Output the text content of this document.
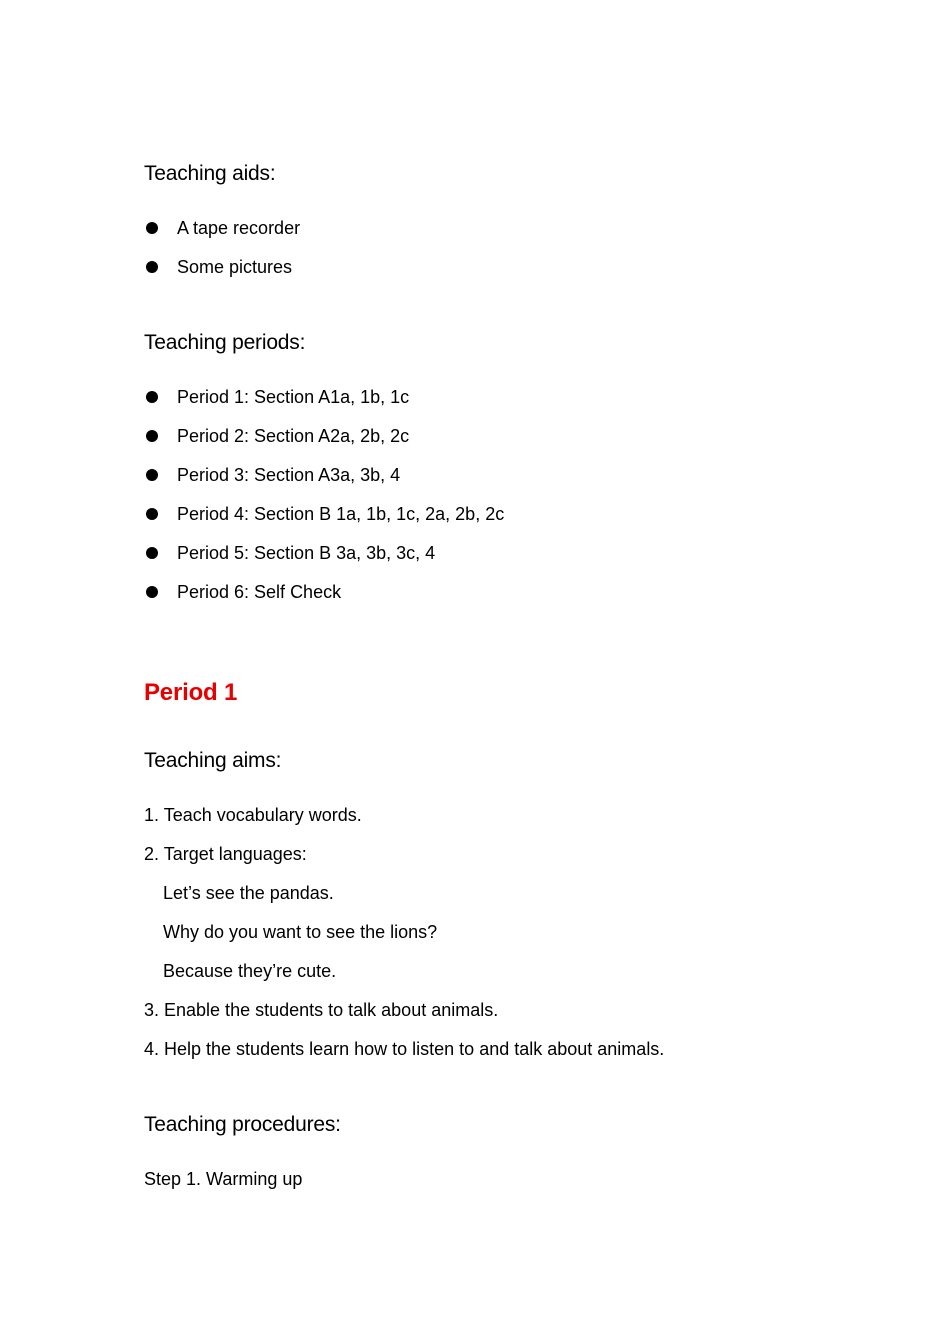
Teaching aids:
A tape recorder
Some pictures
Teaching periods:
Period 1: Section A1a, 1b, 1c
Period 2: Section A2a, 2b, 2c
Period 3: Section A3a, 3b, 4
Period 4: Section B 1a, 1b, 1c, 2a, 2b, 2c
Period 5: Section B 3a, 3b, 3c, 4
Period 6: Self Check
Period 1
Teaching aims:
1. Teach vocabulary words.
2. Target languages:
Let’s see the pandas.
Why do you want to see the lions?
Because they’re cute.
3. Enable the students to talk about animals.
4. Help the students learn how to listen to and talk about animals.
Teaching procedures:
Step 1. Warming up
